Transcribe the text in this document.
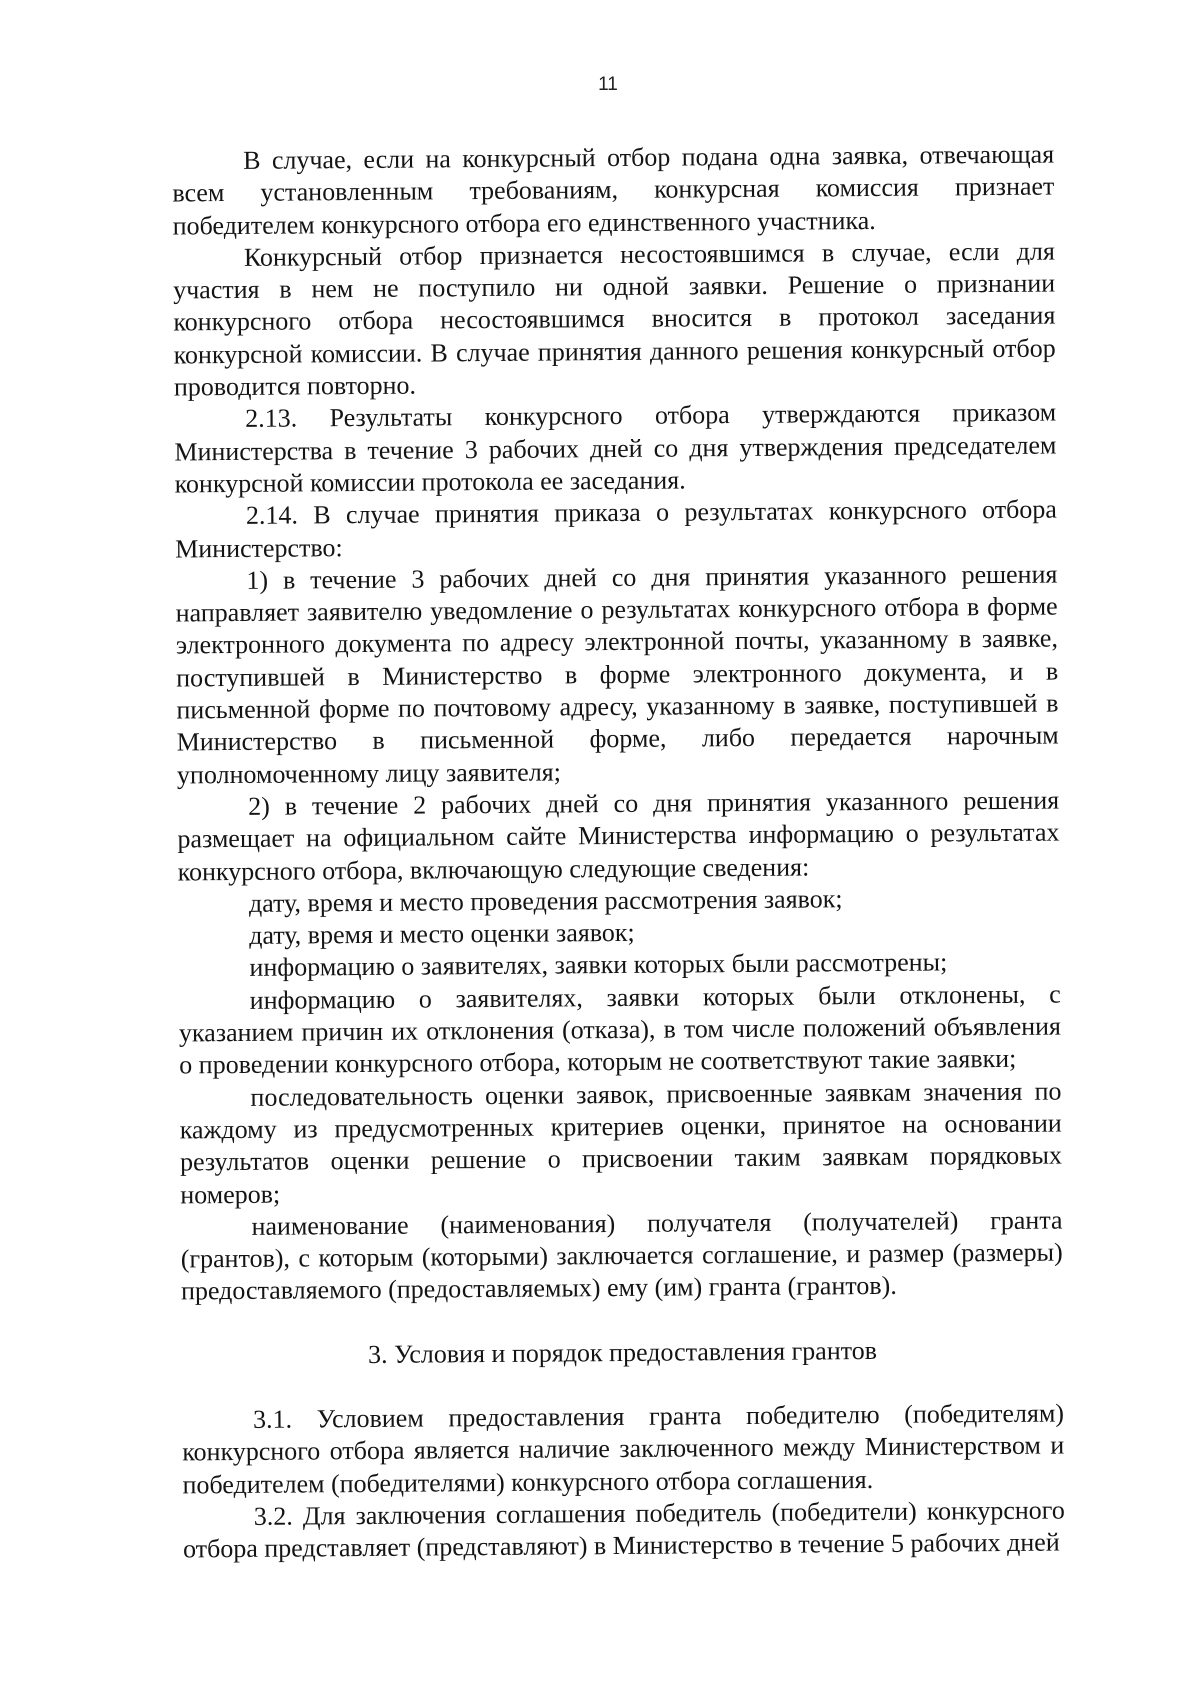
11

В случае, если на конкурсный отбор подана одна заявка, отвечающая всем установленным требованиям, конкурсная комиссия признает победителем конкурсного отбора его единственного участника.

Конкурсный отбор признается несостоявшимся в случае, если для участия в нем не поступило ни одной заявки. Решение о признании конкурсного отбора несостоявшимся вносится в протокол заседания конкурсной комиссии. В случае принятия данного решения конкурсный отбор проводится повторно.

2.13. Результаты конкурсного отбора утверждаются приказом Министерства в течение 3 рабочих дней со дня утверждения председателем конкурсной комиссии протокола ее заседания.

2.14. В случае принятия приказа о результатах конкурсного отбора Министерство:

1) в течение 3 рабочих дней со дня принятия указанного решения направляет заявителю уведомление о результатах конкурсного отбора в форме электронного документа по адресу электронной почты, указанному в заявке, поступившей в Министерство в форме электронного документа, и в письменной форме по почтовому адресу, указанному в заявке, поступившей в Министерство в письменной форме, либо передается нарочным уполномоченному лицу заявителя;

2) в течение 2 рабочих дней со дня принятия указанного решения размещает на официальном сайте Министерства информацию о результатах конкурсного отбора, включающую следующие сведения:

дату, время и место проведения рассмотрения заявок;

дату, время и место оценки заявок;

информацию о заявителях, заявки которых были рассмотрены;

информацию о заявителях, заявки которых были отклонены, с указанием причин их отклонения (отказа), в том числе положений объявления о проведении конкурсного отбора, которым не соответствуют такие заявки;

последовательность оценки заявок, присвоенные заявкам значения по каждому из предусмотренных критериев оценки, принятое на основании результатов оценки решение о присвоении таким заявкам порядковых номеров;

наименование (наименования) получателя (получателей) гранта (грантов), с которым (которыми) заключается соглашение, и размер (размеры) предоставляемого (предоставляемых) ему (им) гранта (грантов).

3. Условия и порядок предоставления грантов

3.1. Условием предоставления гранта победителю (победителям) конкурсного отбора является наличие заключенного между Министерством и победителем (победителями) конкурсного отбора соглашения.

3.2. Для заключения соглашения победитель (победители) конкурсного отбора представляет (представляют) в Министерство в течение 5 рабочих дней
